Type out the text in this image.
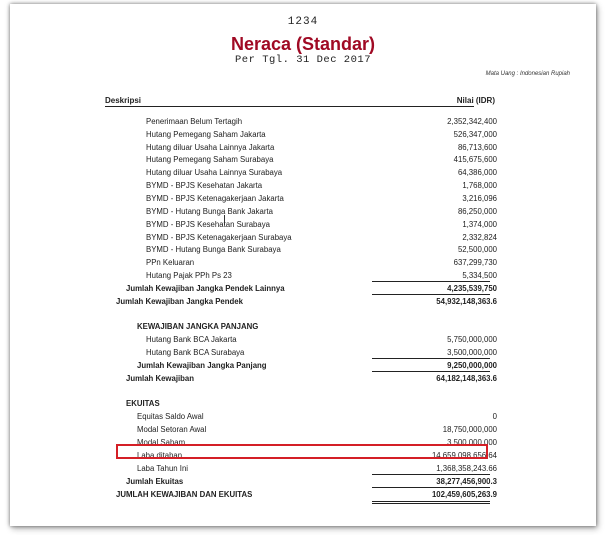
1234
Neraca (Standar)
Per Tgl. 31 Dec 2017
Mata Uang : Indonesian Rupiah
Deskripsi	Nilai (IDR)
Penerimaan Belum Tertagih	2,352,342,400
Hutang Pemegang Saham Jakarta	526,347,000
Hutang diluar Usaha Lainnya Jakarta	86,713,600
Hutang Pemegang Saham Surabaya	415,675,600
Hutang diluar Usaha Lainnya Surabaya	64,386,000
BYMD - BPJS Kesehatan Jakarta	1,768,000
BYMD - BPJS Ketenagakerjaan Jakarta	3,216,096
BYMD - Hutang Bunga Bank Jakarta	86,250,000
BYMD - BPJS Kesehatan Surabaya	1,374,000
BYMD - BPJS Ketenagakerjaan Surabaya	2,332,824
BYMD - Hutang Bunga Bank Surabaya	52,500,000
PPn Keluaran	637,299,730
Hutang Pajak PPh Ps 23	5,334,500
Jumlah Kewajiban Jangka Pendek Lainnya	4,235,539,750
Jumlah Kewajiban Jangka Pendek	54,932,148,363.6
KEWAJIBAN JANGKA PANJANG
Hutang Bank BCA Jakarta	5,750,000,000
Hutang Bank BCA Surabaya	3,500,000,000
Jumlah Kewajiban Jangka Panjang	9,250,000,000
Jumlah Kewajiban	64,182,148,363.6
EKUITAS
Equitas Saldo Awal	0
Modal Setoran Awal	18,750,000,000
Modal Saham	3,500,000,000
Laba ditahan	14,659,098,656.64
Laba Tahun Ini	1,368,358,243.66
Jumlah Ekuitas	38,277,456,900.3
JUMLAH KEWAJIBAN DAN EKUITAS	102,459,605,263.9
